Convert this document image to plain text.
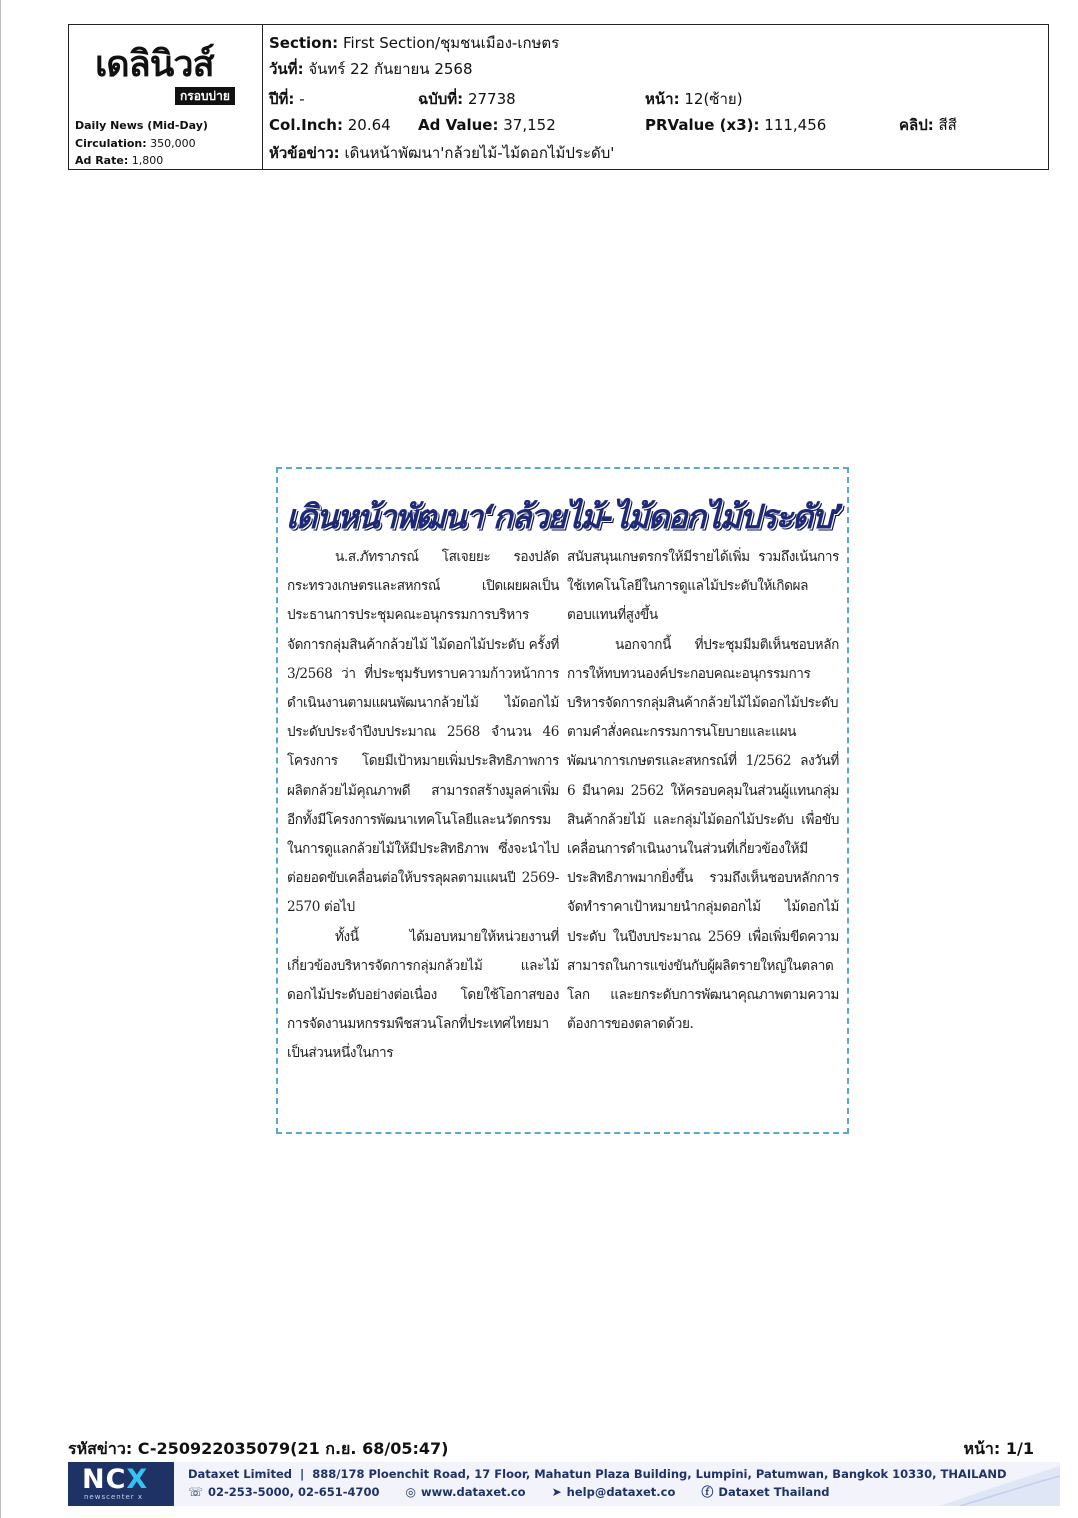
เดลินิวส์
กรอบบ่าย
Daily News (Mid-Day)
Circulation: 350,000
Ad Rate: 1,800
Section: First Section/ชุมชนเมือง-เกษตร
วันที่: จันทร์ 22 กันยายน 2568
ปีที่: -	ฉบับที่: 27738	หน้า: 12(ซ้าย)
Col.Inch: 20.64 Ad Value: 37,152	PRValue (x3): 111,456	คลิป: สีสี
หัวข้อข่าว: เดินหน้าพัฒนา'กล้วยไม้-ไม้ดอกไม้ประดับ'
เดินหน้าพัฒนา‘กล้วยไม้-ไม้ดอกไม้ประดับ’

น.ส.ภัทราภรณ์ โสเจยยะ รองปลัดกระทรวงเกษตรและสหกรณ์ เปิดเผยผลเป็นประธานการประชุมคณะอนุกรรมการบริหารจัดการกลุ่มสินค้ากล้วยไม้ ไม้ดอกไม้ประดับ ครั้งที่ 3/2568 ว่า ที่ประชุมรับทราบความก้าวหน้าการดำเนินงานตามแผนพัฒนากล้วยไม้ ไม้ดอกไม้ประดับประจำปีงบประมาณ 2568 จำนวน 46 โครงการ โดยมีเป้าหมายเพิ่มประสิทธิภาพการผลิตกล้วยไม้คุณภาพดี สามารถสร้างมูลค่าเพิ่ม อีกทั้งมีโครงการพัฒนาเทคโนโลยีและนวัตกรรมในการดูแลกล้วยไม้ให้มีประสิทธิภาพ ซึ่งจะนำไปต่อยอดขับเคลื่อนต่อให้บรรลุผลตามแผนปี 2569-2570 ต่อไป

ทั้งนี้ ได้มอบหมายให้หน่วยงานที่เกี่ยวข้องบริหารจัดการกลุ่มกล้วยไม้ และไม้ดอกไม้ประดับอย่างต่อเนื่อง โดยใช้โอกาสของการจัดงานมหกรรมพืชสวนโลกที่ประเทศไทยมาเป็นส่วนหนึ่งในการ

สนับสนุนเกษตรกรให้มีรายได้เพิ่ม รวมถึงเน้นการใช้เทคโนโลยีในการดูแลไม้ประดับให้เกิดผลตอบแทนที่สูงขึ้น

นอกจากนี้ ที่ประชุมมีมติเห็นชอบหลักการให้ทบทวนองค์ประกอบคณะอนุกรรมการบริหารจัดการกลุ่มสินค้ากล้วยไม้ไม้ดอกไม้ประดับ ตามคำสั่งคณะกรรมการนโยบายและแผนพัฒนาการเกษตรและสหกรณ์ที่ 1/2562 ลงวันที่ 6 มีนาคม 2562 ให้ครอบคลุมในส่วนผู้แทนกลุ่มสินค้ากล้วยไม้ และกลุ่มไม้ดอกไม้ประดับ เพื่อขับเคลื่อนการดำเนินงานในส่วนที่เกี่ยวข้องให้มีประสิทธิภาพมากยิ่งขึ้น รวมถึงเห็นชอบหลักการจัดทำราคาเป้าหมายนำกลุ่มดอกไม้ ไม้ดอกไม้ประดับ ในปีงบประมาณ 2569 เพื่อเพิ่มขีดความสามารถในการแข่งขันกับผู้ผลิตรายใหญ่ในตลาดโลก และยกระดับการพัฒนาคุณภาพตามความต้องการของตลาดด้วย.

รหัสข่าว: C-250922035079(21 ก.ย. 68/05:47)	หน้า: 1/1
NCX
newscenter x
Dataxet Limited  |  888/178 Ploenchit Road, 17 Floor, Mahatun Plaza Building, Lumpini, Patumwan, Bangkok 10330, THAILAND
☏ 02-253-5000, 02-651-4700 ◎ www.dataxet.co ➤ help@dataxet.co ⓕ Dataxet Thailand
